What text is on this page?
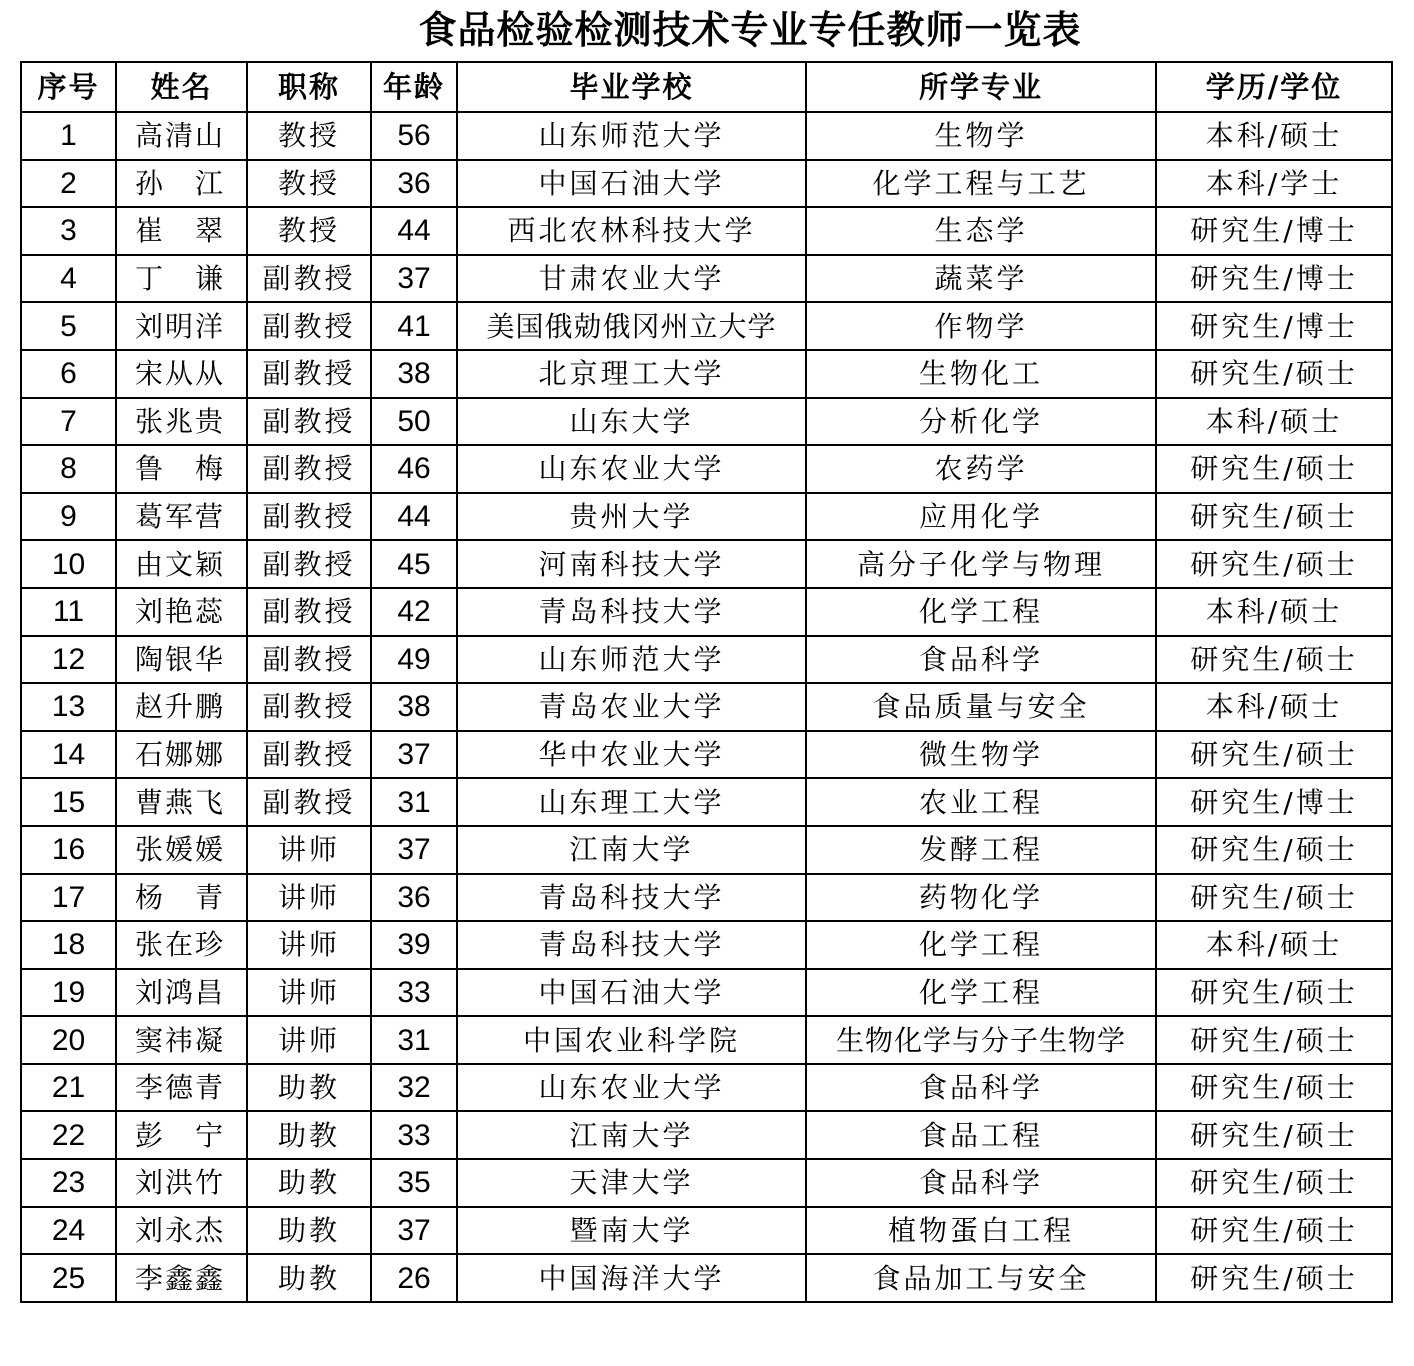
食品检验检测技术专业专任教师一览表
序号	姓名	职称	年龄	毕业学校	所学专业	学历/学位
1	高清山	教授	56	山东师范大学	生物学	本科/硕士
2	孙　江	教授	36	中国石油大学	化学工程与工艺	本科/学士
3	崔　翠	教授	44	西北农林科技大学	生态学	研究生/博士
4	丁　谦	副教授	37	甘肃农业大学	蔬菜学	研究生/博士
5	刘明洋	副教授	41	美国俄勀俄冈州立大学	作物学	研究生/博士
6	宋从从	副教授	38	北京理工大学	生物化工	研究生/硕士
7	张兆贵	副教授	50	山东大学	分析化学	本科/硕士
8	鲁　梅	副教授	46	山东农业大学	农药学	研究生/硕士
9	葛军营	副教授	44	贵州大学	应用化学	研究生/硕士
10	由文颖	副教授	45	河南科技大学	高分子化学与物理	研究生/硕士
11	刘艳蕊	副教授	42	青岛科技大学	化学工程	本科/硕士
12	陶银华	副教授	49	山东师范大学	食品科学	研究生/硕士
13	赵升鹏	副教授	38	青岛农业大学	食品质量与安全	本科/硕士
14	石娜娜	副教授	37	华中农业大学	微生物学	研究生/硕士
15	曹燕飞	副教授	31	山东理工大学	农业工程	研究生/博士
16	张媛媛	讲师	37	江南大学	发酵工程	研究生/硕士
17	杨　青	讲师	36	青岛科技大学	药物化学	研究生/硕士
18	张在珍	讲师	39	青岛科技大学	化学工程	本科/硕士
19	刘鸿昌	讲师	33	中国石油大学	化学工程	研究生/硕士
20	窦祎凝	讲师	31	中国农业科学院	生物化学与分子生物学	研究生/硕士
21	李德青	助教	32	山东农业大学	食品科学	研究生/硕士
22	彭　宁	助教	33	江南大学	食品工程	研究生/硕士
23	刘洪竹	助教	35	天津大学	食品科学	研究生/硕士
24	刘永杰	助教	37	暨南大学	植物蛋白工程	研究生/硕士
25	李鑫鑫	助教	26	中国海洋大学	食品加工与安全	研究生/硕士
